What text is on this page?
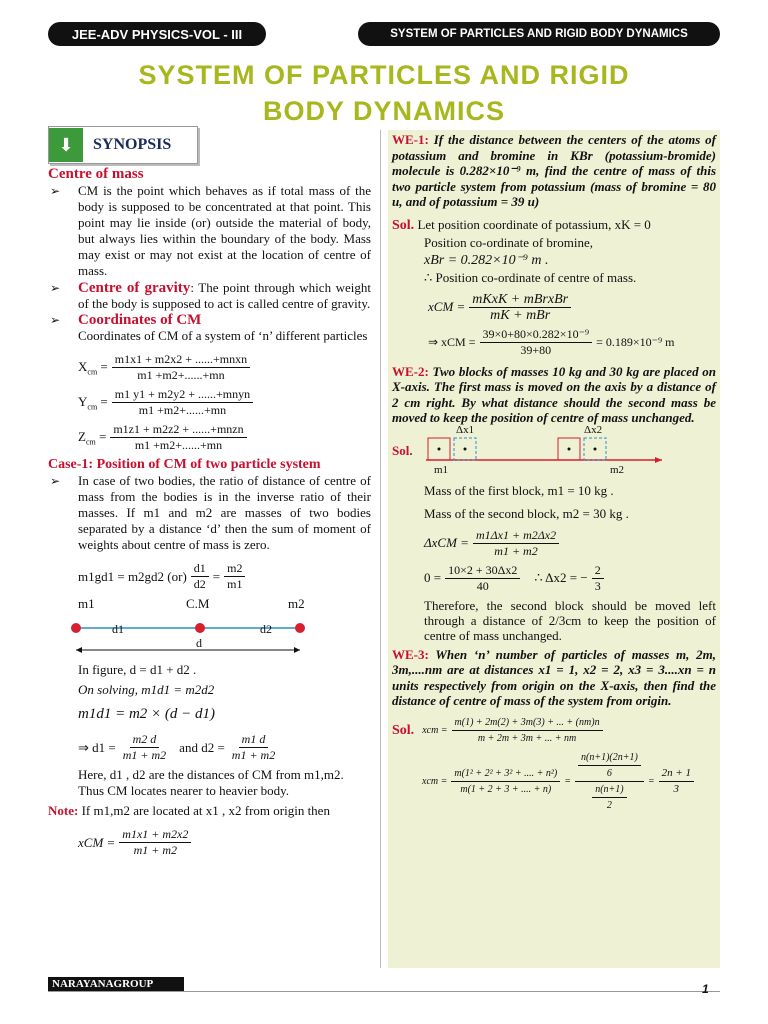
JEE-ADV PHYSICS-VOL - III	SYSTEM OF PARTICLES AND RIGID BODY DYNAMICS
SYSTEM OF PARTICLES AND RIGID
BODY DYNAMICS
⬇	SYNOPSIS
Centre of mass
➢ CM is the point which behaves as if total mass of the body is supposed to be concentrated at that point. This point may lie inside (or) outside the material of body, but always lies within the boundary of the body. Mass may exist or may not exist at the location of centre of mass.
➢ Centre of gravity: The point through which weight of the body is supposed to act is called centre of gravity.
➢ Coordinates of CM
Coordinates of CM of a system of ‘n’ different particles
$X_{cm} = \frac{\text{m1x1 + m2x2 + ......+mnxn}}{m1 +m2+......+mn}$
$Y_{cm} = \frac{\text{m1 y1 + m2y2 + ......+mnyn}}{m1 +m2+......+mn}$
$Z_{cm} = \frac{\text{m1z1 + m2z2 + ......+mnzn}}{m1 +m2+......+mn}$
Case-1: Position of CM of two particle system
➢ In case of two bodies, the ratio of distance of centre of mass from the bodies is in the inverse ratio of their masses. If m1 and m2 are masses of two bodies separated by a distance ‘d’ then the sum of moment of weights about centre of mass is zero.
m1gd1 = m2gd2 $(or) \frac{d1}{d2} = \frac{m2}{m1}$
m1	C.M	m2
d1	d2
d
In figure, d = d1 + d2 .
On solving, m1d1 = m2d2
m1d1 = m2 × (d − d1)
⇒ $d1 = \frac{m2 d}{m1 + m2}$ and $d2 = \frac{m1 d}{m1 + m2}$
Here, d1 , d2 are the distances of CM from m1,m2.
Thus CM locates nearer to heavier body.
Note: If m1,m2 are located at x1 , x2 from origin then
xCM = $\frac{m1x1 + m2x2}{m1 + m2}$
WE-1: If the distance between the centers of the atoms of potassium and bromine in KBr (potassium-bromide) molecule is 0.282×10⁻⁹ m, find the centre of mass of this two particle system from potassium (mass of bromine = 80 u, and of potassium = 39 u)
Sol. Let position coordinate of potassium, xK = 0
Position co-ordinate of bromine,
xBr = 0.282×10⁻⁹ m .
∴ Position co-ordinate of centre of mass.
xCM = $\frac{\text{mKxK + mBrxBr}}{\text{mK + mBr}}$
⇒ xCM = $\frac{\text{39×0+80×0.282×10⁻⁹}}{39+80} = 0.189\times 10^{-9}$ m
WE-2: Two blocks of masses 10 kg and 30 kg are placed on X-axis. The first mass is moved on the axis by a distance of 2 cm right. By what distance should the second mass be moved to keep the position of centre of mass unchanged.
Sol.
Δx1	Δx2
m1	m2
Mass of the first block, m1 = 10 kg .
Mass of the second block, m2 = 30 kg .
$\Delta xCM = \frac{m1\Delta x1 + m2\Delta x2}{m1 + m2}$
$0 = \frac{10\times 2 + 30\Delta x2}{40}$ ∴ Δx2 = − $\frac{2}{3}$
Therefore, the second block should be moved left through a distance of 2/3cm to keep the position of centre of mass unchanged.
WE-3: When ‘n’ number of particles of masses m, 2m, 3m,....nm are at distances x1 = 1, x2 = 2, x3 = 3....xn = n units respectively from origin on the X-axis, then find the distance of centre of mass of the system from origin.
Sol. xcm = $\frac{m(1) + 2m(2) + 3m(3) + ... + (nm)n}{m + 2m + 3m + ... + nm}$
xcm = $\frac{\text{m(1² + 2² + 3² + .... + n²)}}{m(1 + 2 + 3 + .... + n)} = \frac{\frac{n(n+1)(2n+1)}{6}}{\frac{n(n+1)}{2}} = \frac{2n + 1}{3}$
NARAYANAGROUP	1
